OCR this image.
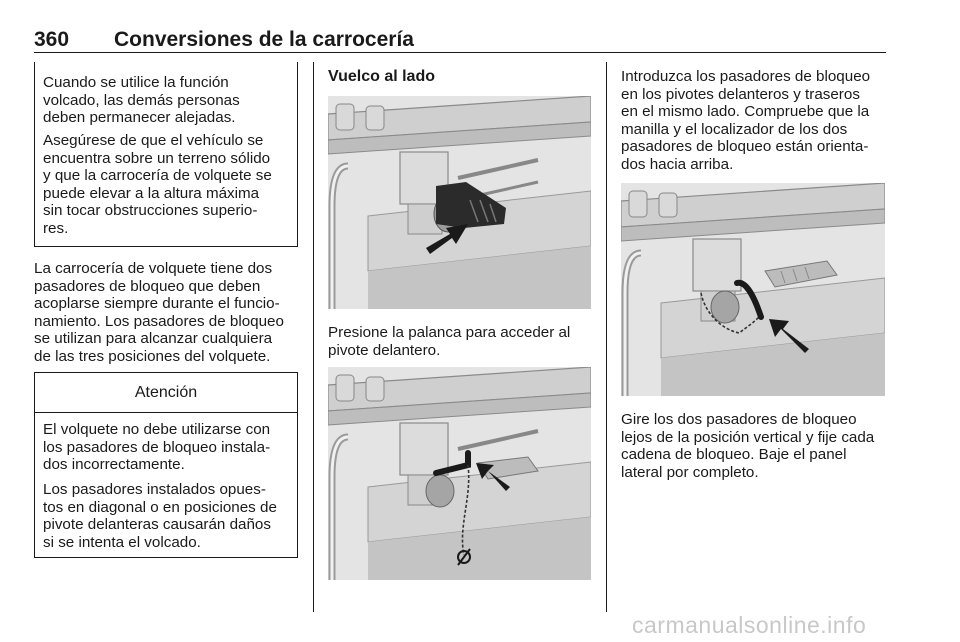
360 Conversiones de la carrocería
Cuando se utilice la función
volcado, las demás personas
deben permanecer alejadas.
Asegúrese de que el vehículo se
encuentra sobre un terreno sólido
y que la carrocería de volquete se
puede elevar a la altura máxima
sin tocar obstrucciones superio-
res.
La carrocería de volquete tiene dos
pasadores de bloqueo que deben
acoplarse siempre durante el funcio-
namiento. Los pasadores de bloqueo
se utilizan para alcanzar cualquiera
de las tres posiciones del volquete.
Atención
El volquete no debe utilizarse con
los pasadores de bloqueo instala-
dos incorrectamente.
Los pasadores instalados opues-
tos en diagonal o en posiciones de
pivote delanteras causarán daños
si se intenta el volcado.
Vuelco al lado
Presione la palanca para acceder al
pivote delantero.
Introduzca los pasadores de bloqueo
en los pivotes delanteros y traseros
en el mismo lado. Compruebe que la
manilla y el localizador de los dos
pasadores de bloqueo están orienta-
dos hacia arriba.
Gire los dos pasadores de bloqueo
lejos de la posición vertical y fije cada
cadena de bloqueo. Baje el panel
lateral por completo.
carmanualsonline.info
